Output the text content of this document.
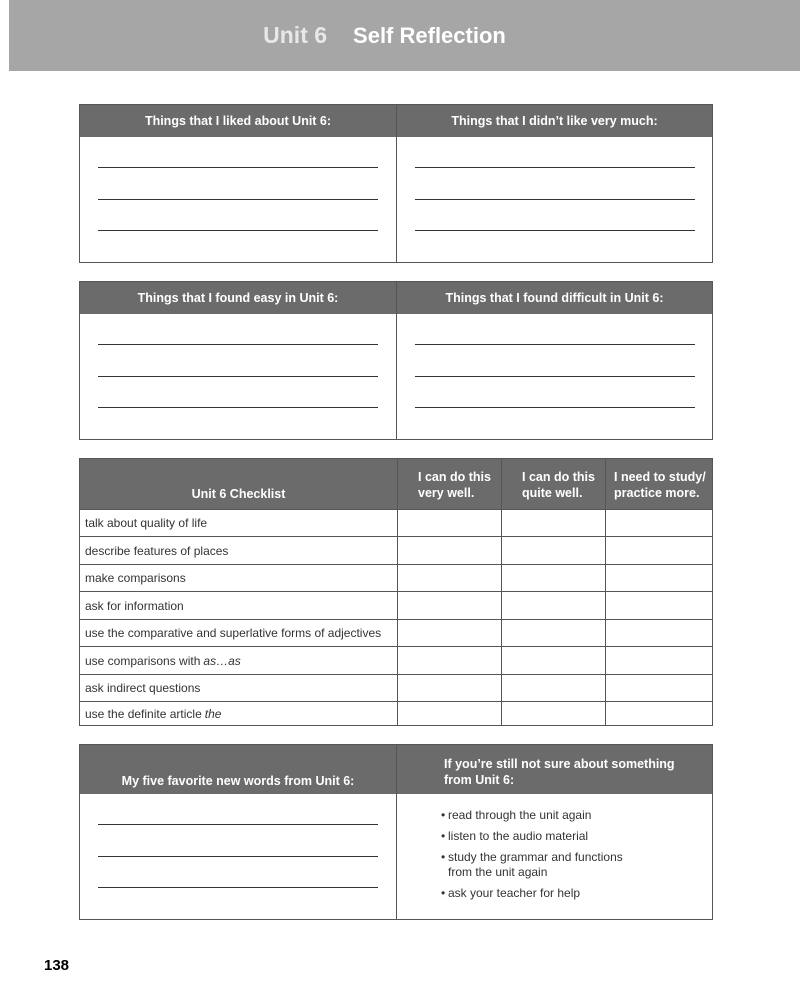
Unit 6 Self Reflection
Things that I liked about Unit 6:	Things that I didn’t like very much:
Things that I found easy in Unit 6:	Things that I found difficult in Unit 6:
Unit 6 Checklist
I can do this
very well.
I can do this
quite well.
I need to study/
practice more.
talk about quality of life
describe features of places
make comparisons
ask for information
use the comparative and superlative forms of adjectives
use comparisons with as…as
ask indirect questions
use the definite article the
My five favorite new words from Unit 6:
If you’re still not sure about something
from Unit 6:
• read through the unit again
• listen to the audio material
• study the grammar and functions
from the unit again
• ask your teacher for help
138
